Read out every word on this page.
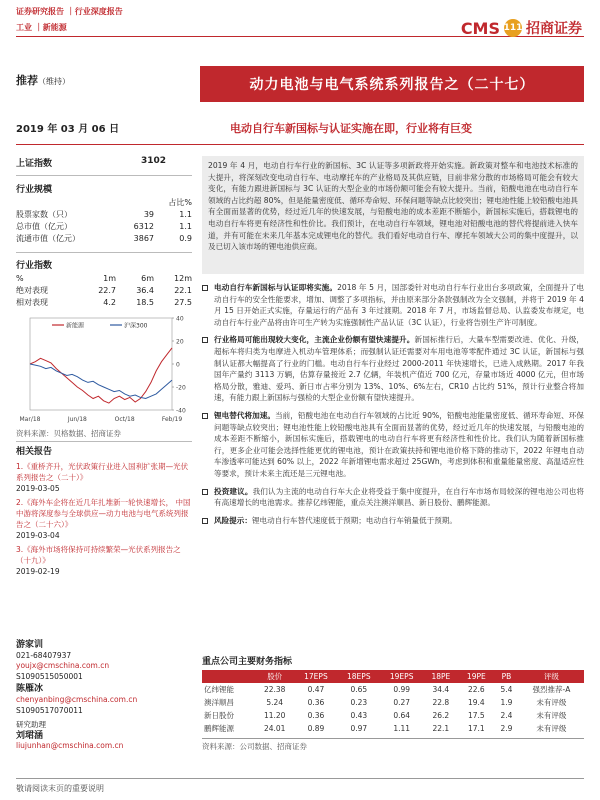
证券研究报告 ｜行业深度报告
工业 ｜新能源	CMS 111 招商证券
推荐（维持）	动力电池与电气系统系列报告之（二十七）
2019 年 03 月 06 日	电动自行车新国标与认证实施在即，行业将有巨变
上证指数	3102
行业规模
占比%
股票家数（只）	39	1.1
总市值（亿元）	6312	1.1
流通市值（亿元）	3867	0.9
行业指数
%	1m	6m	12m
绝对表现	22.7	36.4	22.1
相对表现	4.2	18.5	27.5
40
20
0
-20
-40
Mar/18	Jun/18	Oct/18	Feb/19
新能源	沪深300
资料来源：贝格数据、招商证券
相关报告
1.《重桥齐升，光伏政策行业进入国利扩张期—光伏系列报告之（二十）》
2019-03-05
2.《海外车企将在近几年扎堆新一轮快速增长， 中国中游将深度参与全球供应—动力电池与电气系统列报告之（二十六）》
2019-03-04
3.《海外市场将保持可持续繁荣—光伏系列报告之（十九）》
2019-02-19
游家训
021-68407937
youjx@cmschina.com.cn
S1090515050001
陈雁冰
chenyanbing@cmschina.com.cn
S1090517070011
研究助理
刘珺涵
liujunhan@cmschina.com.cn
2019 年 4 月，电动自行车行业的新国标、3C 认证等多项新政将开始实施。新政策对整车和电池技术标准的大提升，将深刻改变电动自行车、电动摩托车的产业格局及其供应链，目前非常分散的市场格局可能会有较大变化，有能力跟进新国标与 3C 认证的大型企业的市场份额可能会有较大提升。当前，铅酸电池在电动自行车领域的占比约超 80%，但是能量密度低、循环寿命短、环保问题等缺点比较突出；锂电池性能上较铅酸电池具有全面而显著的优势，经过近几年的快速发展，与铅酸电池的成本差距不断缩小，新国标实施后，搭载锂电的电动自行车将更有经济性和性价比。我们预计，在电动自行车领域，锂电池对铅酸电池的替代将提前进入快车道，并有可能在未来几年基本完成锂电化的替代。我们看好电动自行车、摩托车领域大公司的集中度提升，以及已切入该市场的锂电池供应商。
电动自行车新国标与认证即将实施。2018 年 5 月，国部委针对电动自行车行业出台多项政策，全面提升了电动自行车的安全性能要求，增加、调整了多项指标，并由原来部分条款强制改为全文强制，并将于 2019 年 4 月 15 日开始正式实施，存量运行的产品有 3 年过渡期。2018 年 7 月，市场监督总局、认监委发布规定，电动自行车行业产品将由许可生产转为实施强制性产品认证（3C 认证），行业将告别生产许可制度。
行业格局可能出现较大变化，主流企业份额有望快速提升。新国标推行后，大量车型需要改进、优化、升级，超标车将归类为电摩进入机动车管理体系；而强制认证还需要对车用电池等零配件通过 3C 认证，新国标与强制认证都大幅提高了行业的门槛。电动自行车行业经过 2000-2011 年快速增长，已进入成熟期。2017 年我国年产量约 3113 万辆，估算存量接近 2.7 亿辆，年装机产值近 700 亿元，存量市场近 4000 亿元，但市场格局分散，雅迪、爱玛、新日市占率分别为 13%、10%、6%左右，CR10 占比约 51%，预计行业整合将加速，有能力跟上新国标与强检的大型企业份额有望快速提升。
锂电替代将加速。当前，铅酸电池在电动自行车领域的占比近 90%，铅酸电池能量密度低、循环寿命短、环保问题等缺点较突出；锂电池性能上较铅酸电池具有全面而显著的优势，经过近几年的快速发展，与铅酸电池的成本差距不断缩小，新国标实施后，搭载锂电的电动自行车将更有经济性和性价比。我们认为随着新国标推行，更多企业可能会选择性能更优的锂电池，预计在政策扶持和锂电池价格下降的推动下，2022 年锂电自动车渗透率可能达到 60% 以上，2022 年新增锂电需求超过 25GWh，考虑到体积和重量能量密度、高温适应性等要求，预计未来主流还是三元锂电池。
投资建议。我们认为主流的电动自行车大企业将受益于集中度提升，在自行车市场布局较深的锂电池公司也将有高速增长的电池需求。推荐亿纬锂能，重点关注澳洋顺昌、新日股份、鹏辉能源。
风险提示：锂电动自行车替代速度低于预期；电动自行车销量低于预期。
重点公司主要财务指标
	股价	17EPS	18EPS	19EPS	18PE	19PE	PB	评级
亿纬锂能	22.38	0.47	0.65	0.99	34.4	22.6	5.4	强烈推荐-A
澳洋顺昌	5.24	0.36	0.23	0.27	22.8	19.4	1.9	未有评级
新日股份	11.20	0.36	0.43	0.64	26.2	17.5	2.4	未有评级
鹏辉能源	24.01	0.89	0.97	1.11	22.1	17.1	2.9	未有评级
资料来源：公司数据、招商证券
敬请阅读末页的重要说明
